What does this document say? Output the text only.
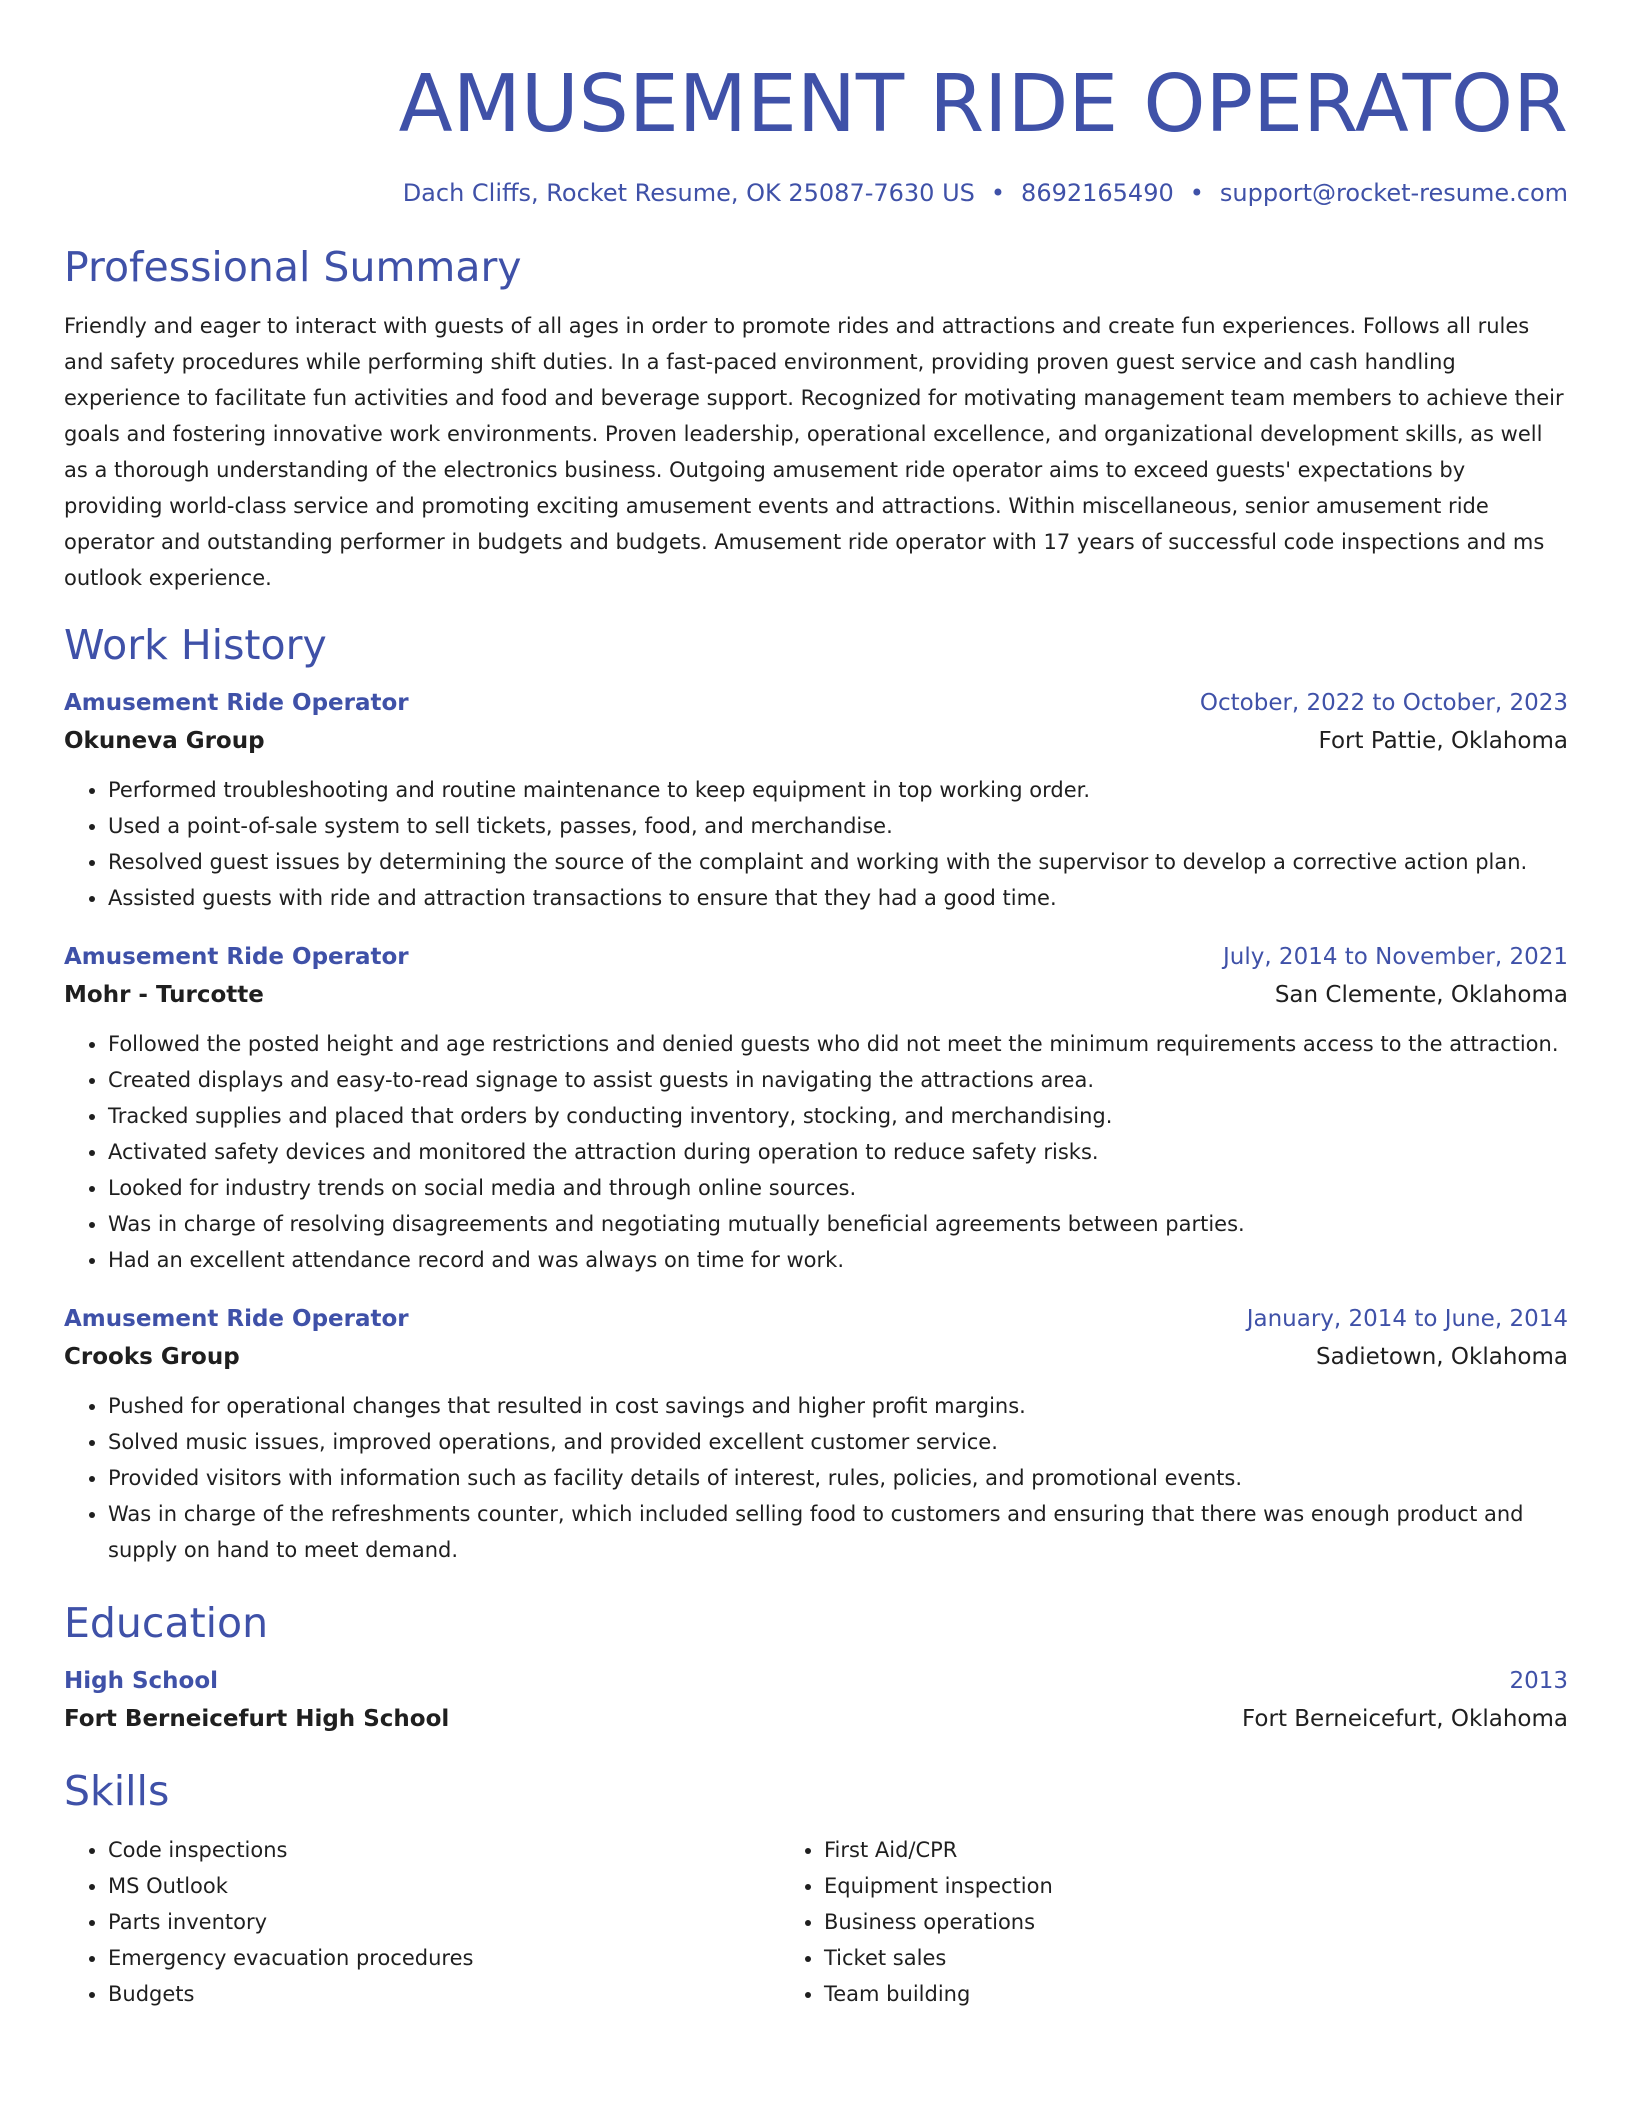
AMUSEMENT RIDE OPERATOR
Dach Cliffs, Rocket Resume, OK 25087-7630 US • 8692165490 • support@rocket-resume.com
Professional Summary
Friendly and eager to interact with guests of all ages in order to promote rides and attractions and create fun experiences. Follows all rules and safety procedures while performing shift duties. In a fast-paced environment, providing proven guest service and cash handling experience to facilitate fun activities and food and beverage support. Recognized for motivating management team members to achieve their goals and fostering innovative work environments. Proven leadership, operational excellence, and organizational development skills, as well as a thorough understanding of the electronics business. Outgoing amusement ride operator aims to exceed guests' expectations by providing world-class service and promoting exciting amusement events and attractions. Within miscellaneous, senior amusement ride operator and outstanding performer in budgets and budgets. Amusement ride operator with 17 years of successful code inspections and ms outlook experience.
Work History
Amusement Ride Operator	October, 2022 to October, 2023
Okuneva Group	Fort Pattie, Oklahoma
• Performed troubleshooting and routine maintenance to keep equipment in top working order.
• Used a point-of-sale system to sell tickets, passes, food, and merchandise.
• Resolved guest issues by determining the source of the complaint and working with the supervisor to develop a corrective action plan.
• Assisted guests with ride and attraction transactions to ensure that they had a good time.
Amusement Ride Operator	July, 2014 to November, 2021
Mohr - Turcotte	San Clemente, Oklahoma
• Followed the posted height and age restrictions and denied guests who did not meet the minimum requirements access to the attraction.
• Created displays and easy-to-read signage to assist guests in navigating the attractions area.
• Tracked supplies and placed that orders by conducting inventory, stocking, and merchandising.
• Activated safety devices and monitored the attraction during operation to reduce safety risks.
• Looked for industry trends on social media and through online sources.
• Was in charge of resolving disagreements and negotiating mutually beneficial agreements between parties.
• Had an excellent attendance record and was always on time for work.
Amusement Ride Operator	January, 2014 to June, 2014
Crooks Group	Sadietown, Oklahoma
• Pushed for operational changes that resulted in cost savings and higher profit margins.
• Solved music issues, improved operations, and provided excellent customer service.
• Provided visitors with information such as facility details of interest, rules, policies, and promotional events.
• Was in charge of the refreshments counter, which included selling food to customers and ensuring that there was enough product and supply on hand to meet demand.
Education
High School	2013
Fort Berneicefurt High School	Fort Berneicefurt, Oklahoma
Skills
• Code inspections
• MS Outlook
• Parts inventory
• Emergency evacuation procedures
• Budgets
• First Aid/CPR
• Equipment inspection
• Business operations
• Ticket sales
• Team building
